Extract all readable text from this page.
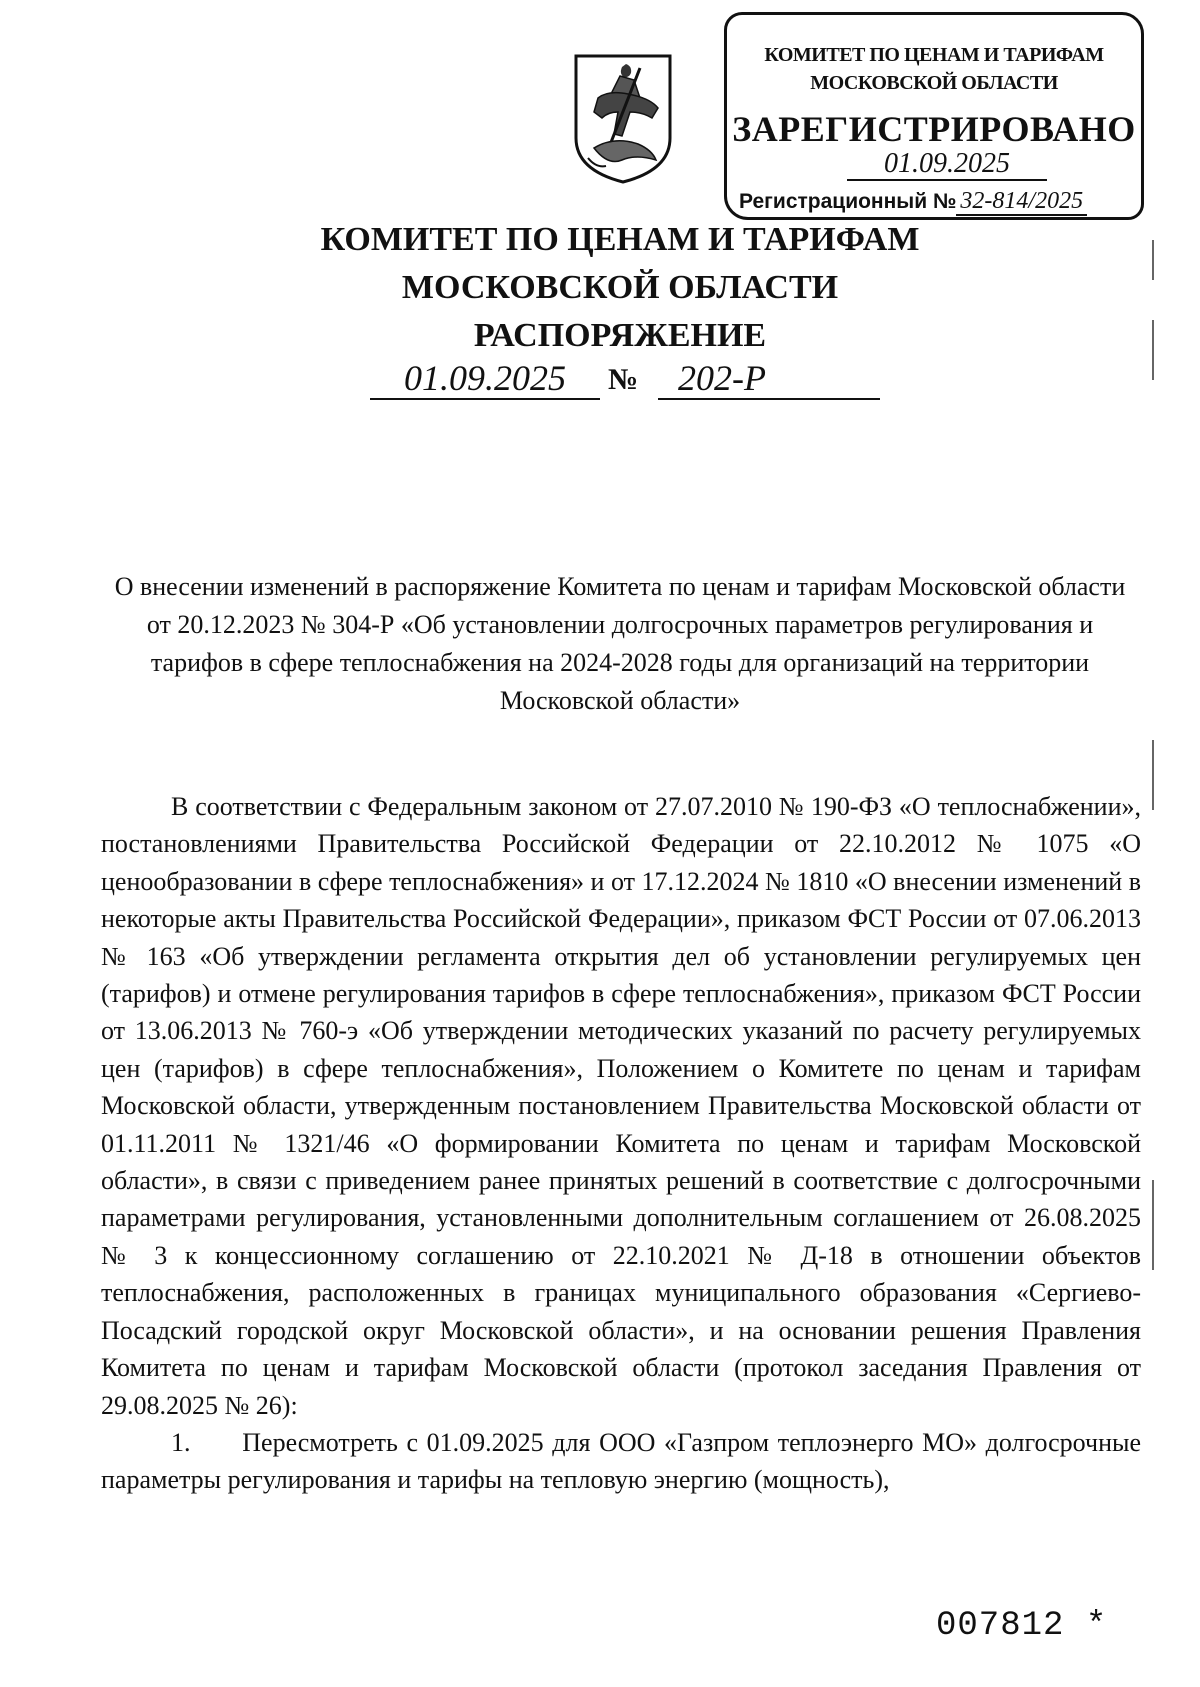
КОМИТЕТ ПО ЦЕНАМ И ТАРИФАМ МОСКОВСКОЙ ОБЛАСТИ
ЗАРЕГИСТРИРОВАНО
01.09.2025
Регистрационный № 32-814/2025
КОМИТЕТ ПО ЦЕНАМ И ТАРИФАМ МОСКОВСКОЙ ОБЛАСТИ
РАСПОРЯЖЕНИЕ
01.09.2025	№	202-Р
О внесении изменений в распоряжение Комитета по ценам и тарифам Московской области от 20.12.2023 № 304-Р «Об установлении долгосрочных параметров регулирования и тарифов в сфере теплоснабжения на 2024-2028 годы для организаций на территории Московской области»

В соответствии с Федеральным законом от 27.07.2010 № 190-ФЗ «О теплоснабжении», постановлениями Правительства Российской Федерации от 22.10.2012 № 1075 «О ценообразовании в сфере теплоснабжения» и от 17.12.2024 № 1810 «О внесении изменений в некоторые акты Правительства Российской Федерации», приказом ФСТ России от 07.06.2013 № 163 «Об утверждении регламента открытия дел об установлении регулируемых цен (тарифов) и отмене регулирования тарифов в сфере теплоснабжения», приказом ФСТ России от 13.06.2013 № 760-э «Об утверждении методических указаний по расчету регулируемых цен (тарифов) в сфере теплоснабжения», Положением о Комитете по ценам и тарифам Московской области, утвержденным постановлением Правительства Московской области от 01.11.2011 № 1321/46 «О формировании Комитета по ценам и тарифам Московской области», в связи с приведением ранее принятых решений в соответствие с долгосрочными параметрами регулирования, установленными дополнительным соглашением от 26.08.2025 № 3 к концессионному соглашению от 22.10.2021 № Д-18 в отношении объектов теплоснабжения, расположенных в границах муниципального образования «Сергиево-Посадский городской округ Московской области», и на основании решения Правления Комитета по ценам и тарифам Московской области (протокол заседания Правления от 29.08.2025 № 26):

1.      Пересмотреть с 01.09.2025 для ООО «Газпром теплоэнерго МО» долгосрочные параметры регулирования и тарифы на тепловую энергию (мощность),

007812 *
